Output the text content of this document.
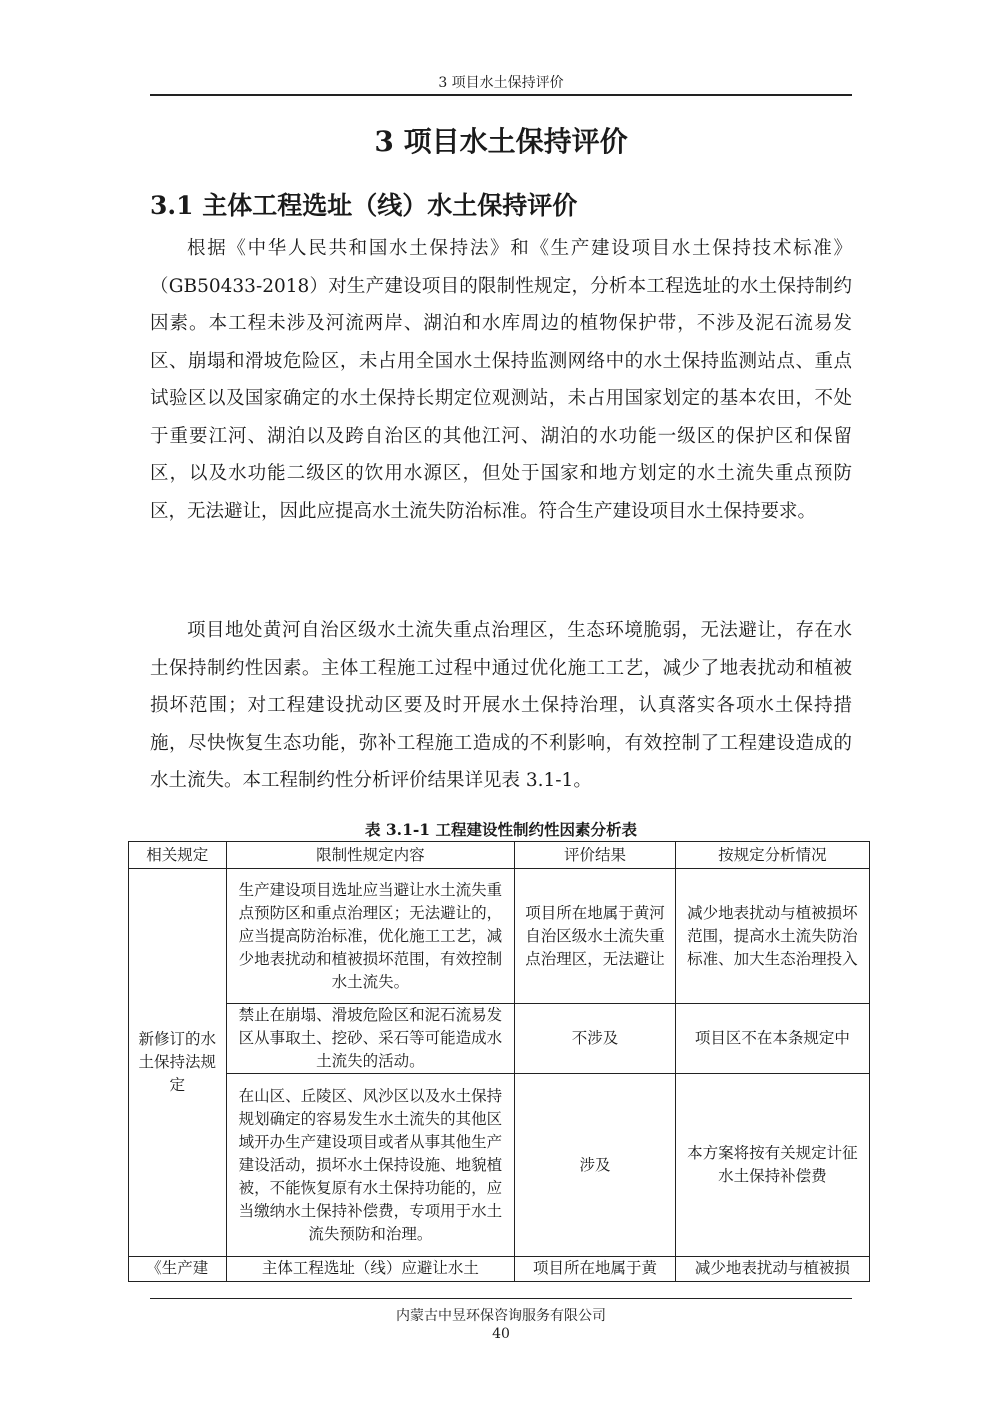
3 项目水土保持评价
3 项目水土保持评价
3.1 主体工程选址（线）水土保持评价

根据《中华人民共和国水土保持法》和《生产建设项目水土保持技术标准》（GB50433-2018）对生产建设项目的限制性规定，分析本工程选址的水土保持制约因素。本工程未涉及河流两岸、湖泊和水库周边的植物保护带，不涉及泥石流易发区、崩塌和滑坡危险区，未占用全国水土保持监测网络中的水土保持监测站点、重点试验区以及国家确定的水土保持长期定位观测站，未占用国家划定的基本农田，不处于重要江河、湖泊以及跨自治区的其他江河、湖泊的水功能一级区的保护区和保留区，以及水功能二级区的饮用水源区，但处于国家和地方划定的水土流失重点预防区，无法避让，因此应提高水土流失防治标准。符合生产建设项目水土保持要求。

项目地处黄河自治区级水土流失重点治理区，生态环境脆弱，无法避让，存在水土保持制约性因素。主体工程施工过程中通过优化施工工艺，减少了地表扰动和植被损坏范围；对工程建设扰动区要及时开展水土保持治理，认真落实各项水土保持措施，尽快恢复生态功能，弥补工程施工造成的不利影响，有效控制了工程建设造成的水土流失。本工程制约性分析评价结果详见表 3.1-1。

表 3.1-1 工程建设性制约性因素分析表
相关规定	限制性规定内容	评价结果	按规定分析情况
新修订的水土保持法规定	生产建设项目选址应当避让水土流失重点预防区和重点治理区；无法避让的，应当提高防治标准，优化施工工艺，减少地表扰动和植被损坏范围，有效控制水土流失。	项目所在地属于黄河自治区级水土流失重点治理区，无法避让	减少地表扰动与植被损坏范围，提高水土流失防治标准、加大生态治理投入
	禁止在崩塌、滑坡危险区和泥石流易发区从事取土、挖砂、采石等可能造成水土流失的活动。	不涉及	项目区不在本条规定中
	在山区、丘陵区、风沙区以及水土保持规划确定的容易发生水土流失的其他区域开办生产建设项目或者从事其他生产建设活动，损坏水土保持设施、地貌植被，不能恢复原有水土保持功能的，应当缴纳水土保持补偿费，专项用于水土流失预防和治理。	涉及	本方案将按有关规定计征水土保持补偿费
《生产建	主体工程选址（线）应避让水土	项目所在地属于黄	减少地表扰动与植被损
内蒙古中昱环保咨询服务有限公司
40
